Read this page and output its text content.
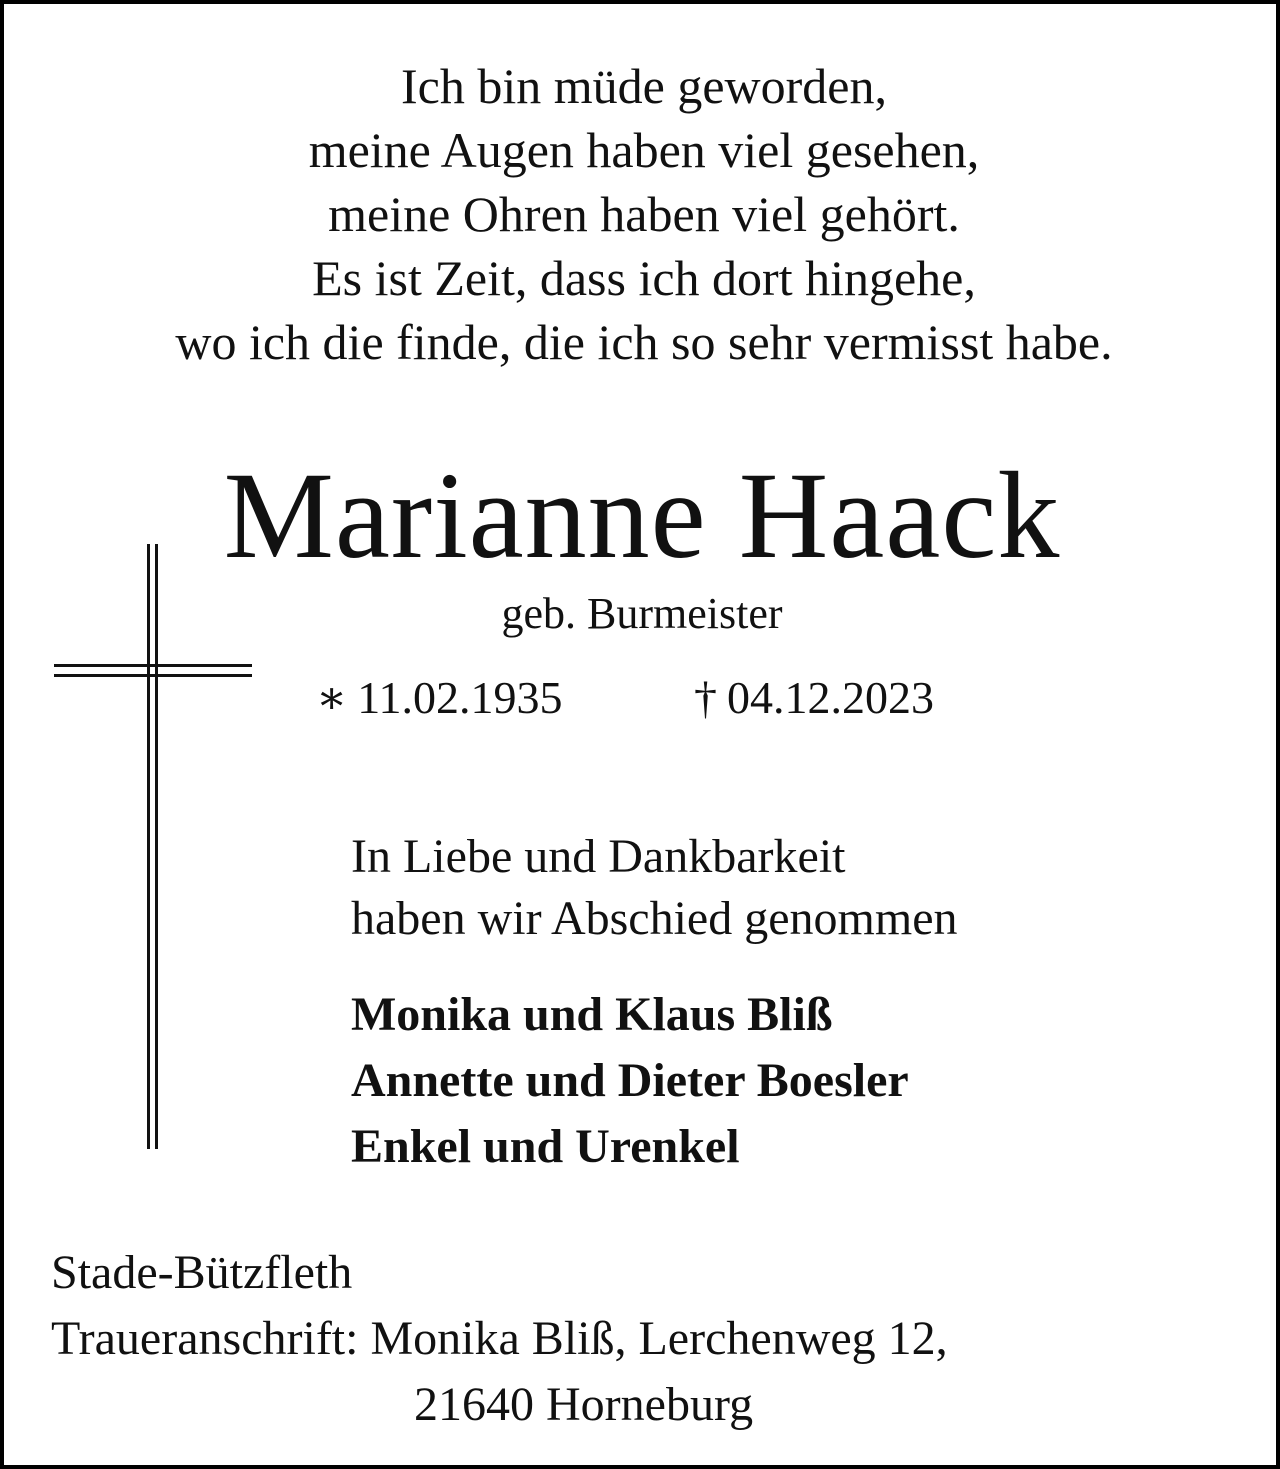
Ich bin müde geworden,
meine Augen haben viel gesehen,
meine Ohren haben viel gehört.
Es ist Zeit, dass ich dort hingehe,
wo ich die finde, die ich so sehr vermisst habe.
Marianne Haack
geb. Burmeister
∗ 11.02.1935	† 04.12.2023
In Liebe und Dankbarkeit
haben wir Abschied genommen
Monika und Klaus Bliß
Annette und Dieter Boesler
Enkel und Urenkel
Stade-Bützfleth
Traueranschrift: Monika Bliß, Lerchenweg 12,
21640 Horneburg
